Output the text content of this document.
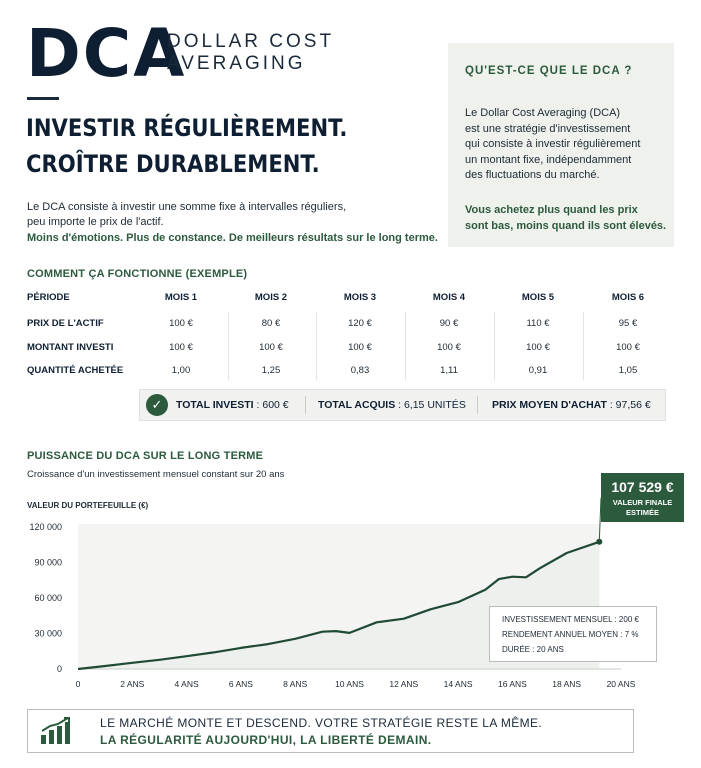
DCA
DOLLAR COST
AVERAGING
INVESTIR RÉGULIÈREMENT.
CROÎTRE DURABLEMENT.
Le DCA consiste à investir une somme fixe à intervalles réguliers,
peu importe le prix de l'actif.
Moins d'émotions. Plus de constance. De meilleurs résultats sur le long terme.
QU'EST-CE QUE LE DCA ?
Le Dollar Cost Averaging (DCA)
est une stratégie d'investissement
qui consiste à investir régulièrement
un montant fixe, indépendamment
des fluctuations du marché.
Vous achetez plus quand les prix
sont bas, moins quand ils sont élevés.
COMMENT ÇA FONCTIONNE (EXEMPLE)
PÉRIODE	MOIS 1	MOIS 2	MOIS 3	MOIS 4	MOIS 5	MOIS 6
PRIX DE L'ACTIF	100 €	80 €	120 €	90 €	110 €	95 €
MONTANT INVESTI	100 €	100 €	100 €	100 €	100 €	100 €
QUANTITÉ ACHETÉE	1,00	1,25	0,83	1,11	0,91	1,05
✓	TOTAL INVESTI : 600 €	TOTAL ACQUIS : 6,15 UNITÉS PRIX MOYEN D'ACHAT : 97,56 €
PUISSANCE DU DCA SUR LE LONG TERME
Croissance d'un investissement mensuel constant sur 20 ans
VALEUR DU PORTEFEUILLE (€)
0
30 000
60 000
90 000
120 000
0	2 ANS	4 ANS	6 ANS	8 ANS	10 ANS	12 ANS	14 ANS	16 ANS	18 ANS	20 ANS
107 529 €
VALEUR FINALE
ESTIMÉE
INVESTISSEMENT MENSUEL : 200 €
RENDEMENT ANNUEL MOYEN : 7 %
DURÉE : 20 ANS
LE MARCHÉ MONTE ET DESCEND. VOTRE STRATÉGIE RESTE LA MÊME.
LA RÉGULARITÉ AUJOURD'HUI, LA LIBERTÉ DEMAIN.
